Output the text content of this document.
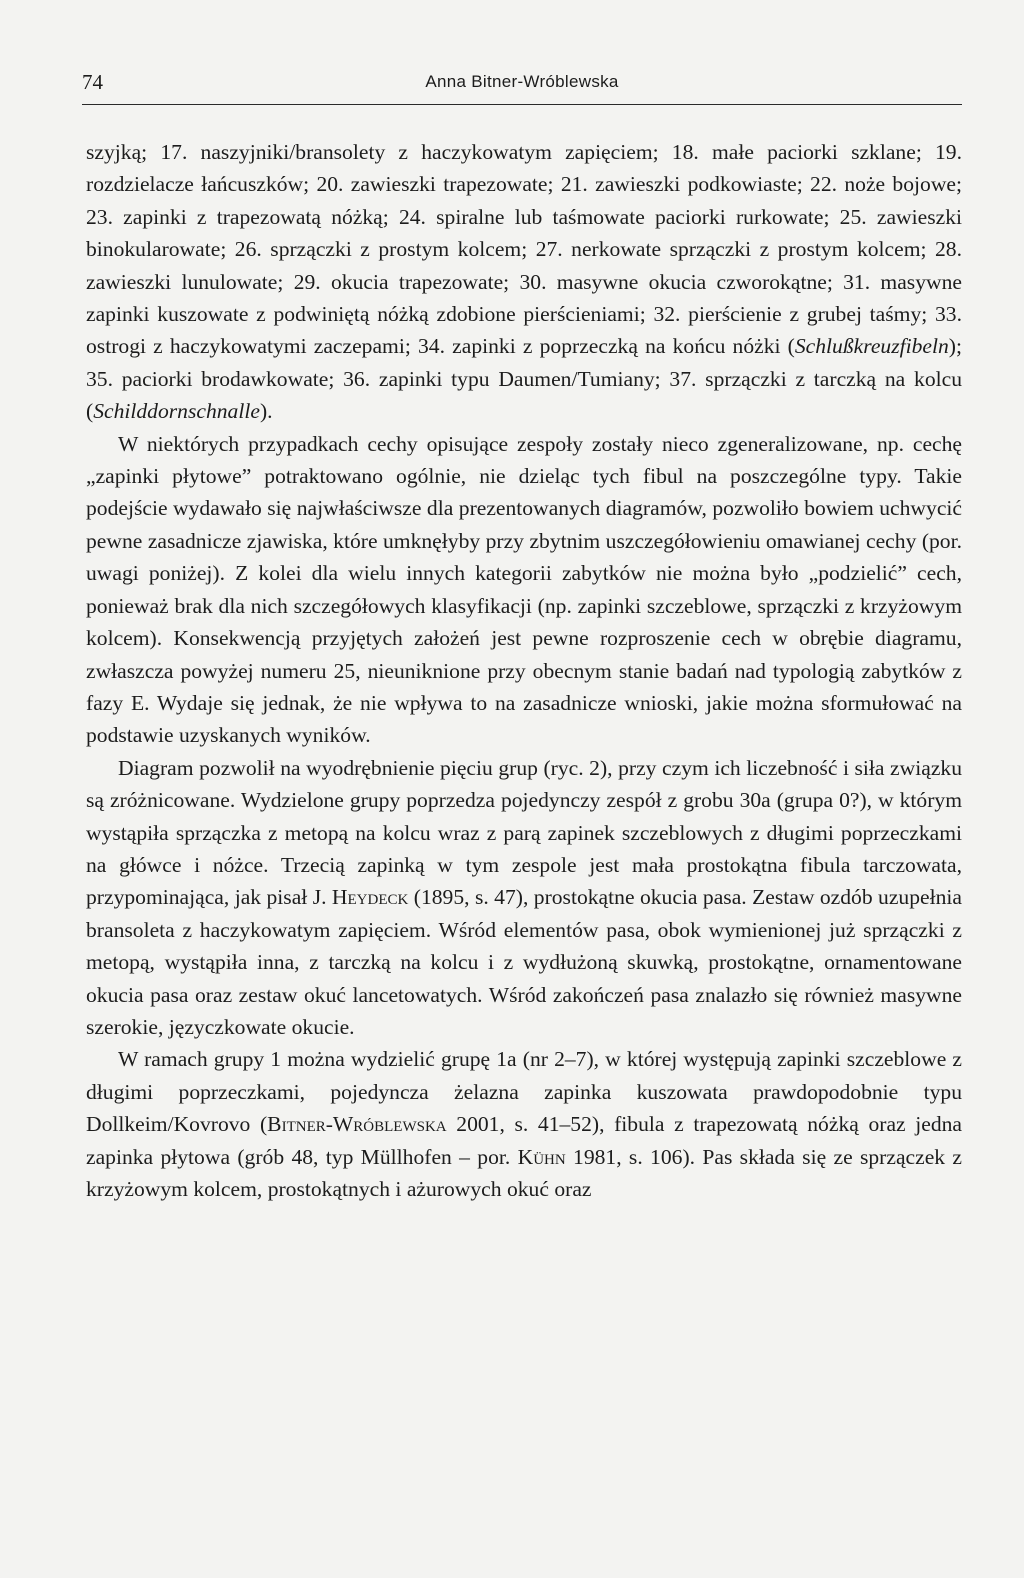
74	Anna Bitner-Wróblewska

szyjką; 17. naszyjniki/bransolety z haczykowatym zapięciem; 18. małe paciorki szklane; 19. rozdzielacze łańcuszków; 20. zawieszki trapezowate; 21. zawieszki podkowiaste; 22. noże bojowe; 23. zapinki z trapezowatą nóżką; 24. spiralne lub taśmowate paciorki rurkowate; 25. zawieszki binokularowate; 26. sprzączki z prostym kolcem; 27. nerkowate sprzączki z prostym kolcem; 28. zawieszki lunulowate; 29. okucia trapezowate; 30. masywne okucia czworokątne; 31. masywne zapinki kuszowate z podwiniętą nóżką zdobione pierścieniami; 32. pierścienie z grubej taśmy; 33. ostrogi z haczykowatymi zaczepami; 34. zapinki z poprzeczką na końcu nóżki (Schlußkreuzfibeln); 35. paciorki brodawkowate; 36. zapinki typu Daumen/Tumiany; 37. sprzączki z tarczką na kolcu (Schilddornschnalle).

W niektórych przypadkach cechy opisujące zespoły zostały nieco zgeneralizowane, np. cechę „zapinki płytowe” potraktowano ogólnie, nie dzieląc tych fibul na poszczególne typy. Takie podejście wydawało się najwłaściwsze dla prezentowanych diagramów, pozwoliło bowiem uchwycić pewne zasadnicze zjawiska, które umknęłyby przy zbytnim uszczegółowieniu omawianej cechy (por. uwagi poniżej). Z kolei dla wielu innych kategorii zabytków nie można było „podzielić” cech, ponieważ brak dla nich szczegółowych klasyfikacji (np. zapinki szczeblowe, sprzączki z krzyżowym kolcem). Konsekwencją przyjętych założeń jest pewne rozproszenie cech w obrębie diagramu, zwłaszcza powyżej numeru 25, nieuniknione przy obecnym stanie badań nad typologią zabytków z fazy E. Wydaje się jednak, że nie wpływa to na zasadnicze wnioski, jakie można sformułować na podstawie uzyskanych wyników.

Diagram pozwolił na wyodrębnienie pięciu grup (ryc. 2), przy czym ich liczebność i siła związku są zróżnicowane. Wydzielone grupy poprzedza pojedynczy zespół z grobu 30a (grupa 0?), w którym wystąpiła sprzączka z metopą na kolcu wraz z parą zapinek szczeblowych z długimi poprzeczkami na główce i nóżce. Trzecią zapinką w tym zespole jest mała prostokątna fibula tarczowata, przypominająca, jak pisał J. Heydeck (1895, s. 47), prostokątne okucia pasa. Zestaw ozdób uzupełnia bransoleta z haczykowatym zapięciem. Wśród elementów pasa, obok wymienionej już sprzączki z metopą, wystąpiła inna, z tarczką na kolcu i z wydłużoną skuwką, prostokątne, ornamentowane okucia pasa oraz zestaw okuć lancetowatych. Wśród zakończeń pasa znalazło się również masywne szerokie, języczkowate okucie.

W ramach grupy 1 można wydzielić grupę 1a (nr 2–7), w której występują zapinki szczeblowe z długimi poprzeczkami, pojedyncza żelazna zapinka kuszowata prawdopodobnie typu Dollkeim/Kovrovo (Bitner-Wróblewska 2001, s. 41–52), fibula z trapezowatą nóżką oraz jedna zapinka płytowa (grób 48, typ Müllhofen – por. Kühn 1981, s. 106). Pas składa się ze sprzączek z krzyżowym kolcem, prostokątnych i ażurowych okuć oraz
